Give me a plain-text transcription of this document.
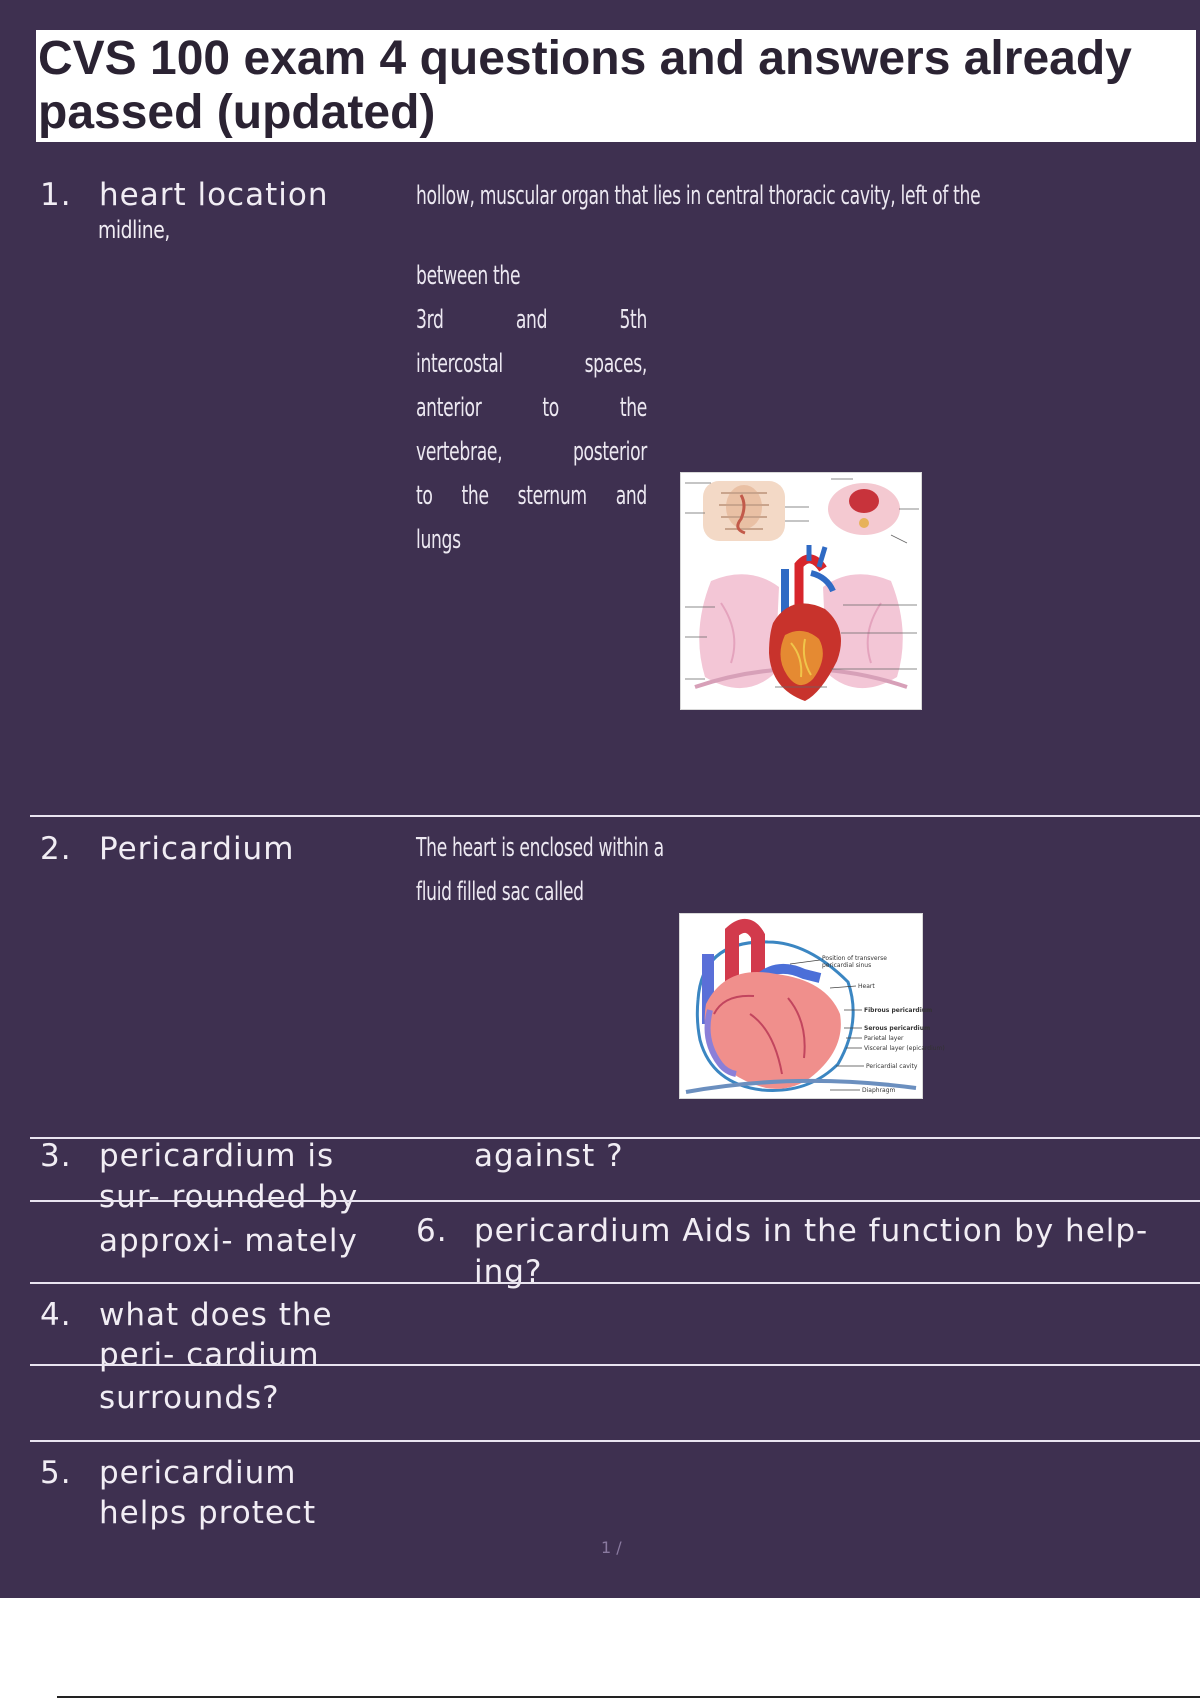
CVS 100 exam 4 questions and answers already

passed (updated)

1. heart location
midline,
hollow, muscular organ that lies in central thoracic cavity, left of the
between the
3rd and 5th
intercostal spaces,
anterior to the
vertebrae, posterior
to the sternum and
lungs
2. Pericardium	The heart is enclosed within a
fluid filled sac called
Position of transverse
pericardial sinus
Heart
Fibrous pericardium
Serous pericardium
Parietal layer
Visceral layer (epicardium)
Pericardial cavity
Diaphragm
3. pericardium is
sur- rounded by
approxi- mately
against ?
6. pericardium Aids in the function by help-
ing?
4. what does the
peri- cardium
surrounds?
5. pericardium
helps protect
1 /
